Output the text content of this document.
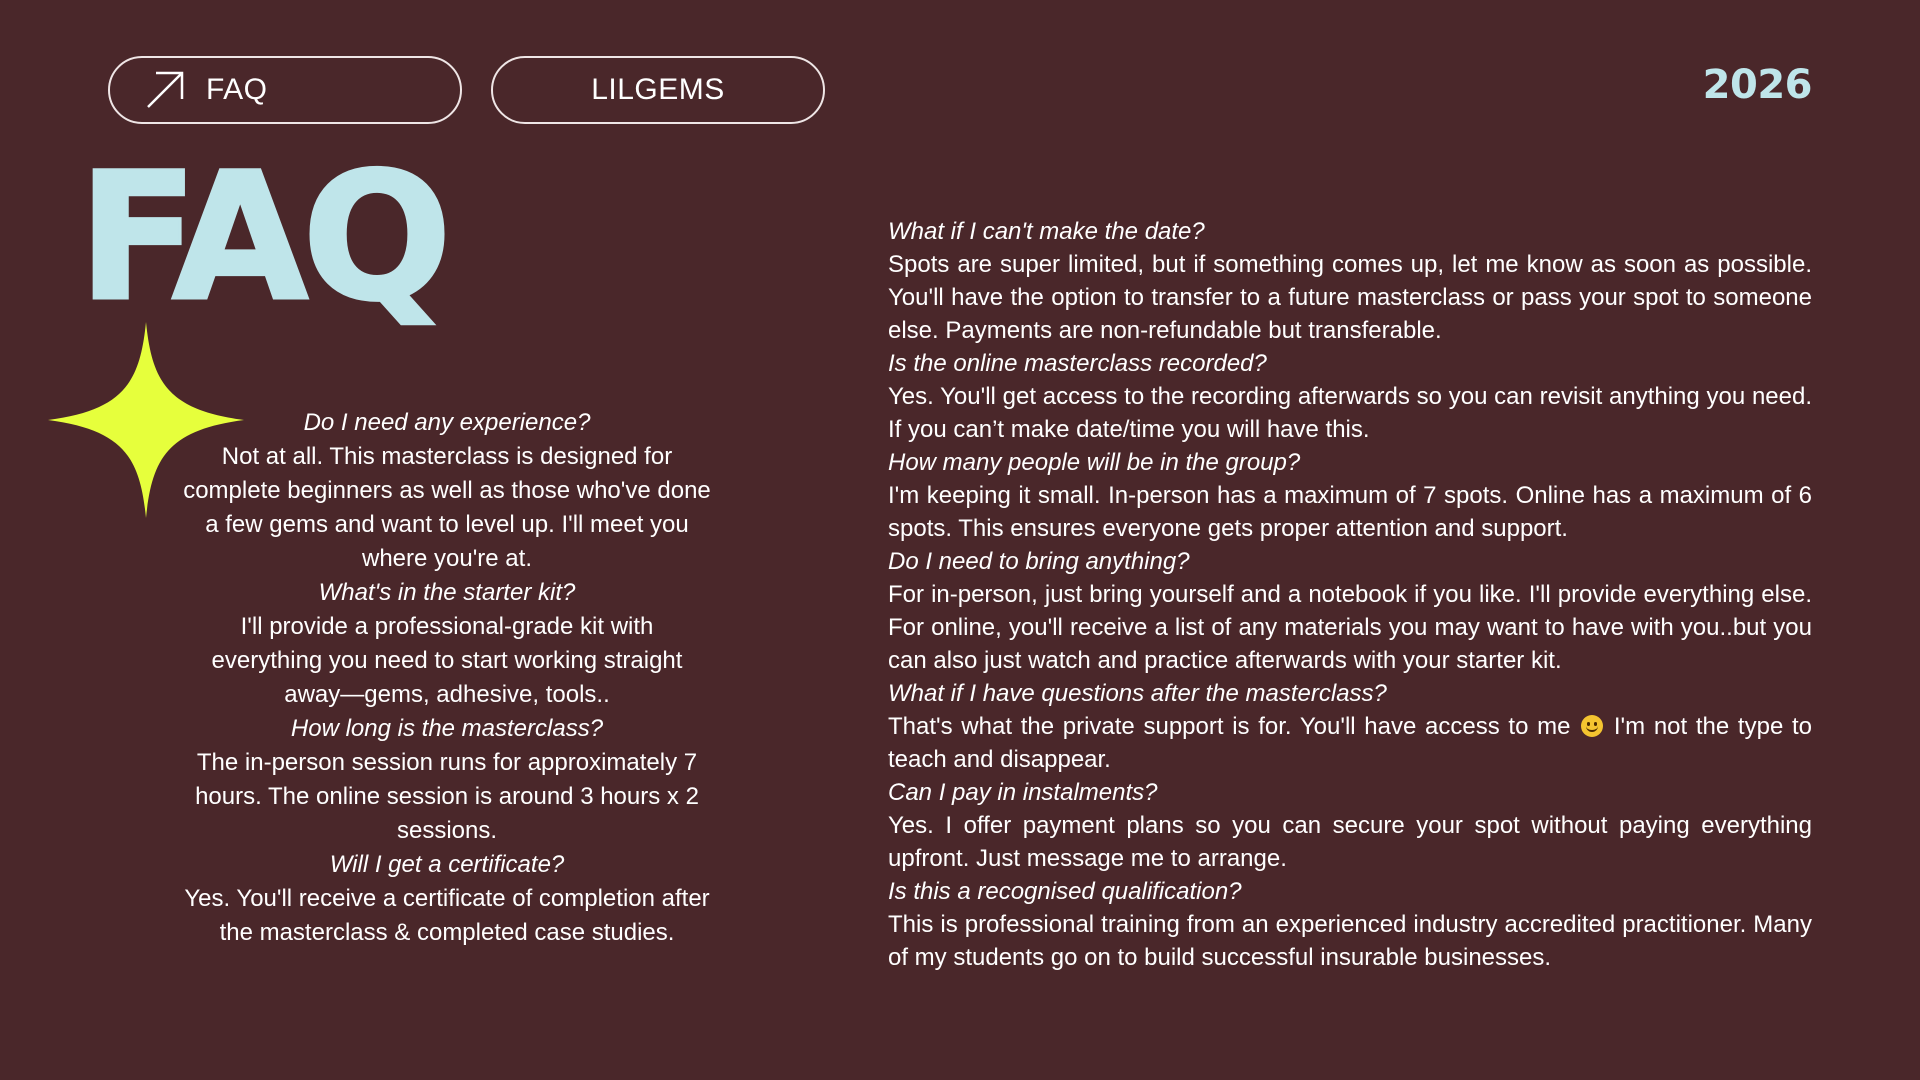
FAQ	LILGEMS	2026
FAQ

Do I need any experience?

Not at all. This masterclass is designed for complete beginners as well as those who've done a few gems and want to level up. I'll meet you where you're at.

What's in the starter kit?

I'll provide a professional-grade kit with everything you need to start working straight away—gems, adhesive, tools..

How long is the masterclass?

The in-person session runs for approximately 7 hours. The online session is around 3 hours x 2 sessions.

Will I get a certificate?

Yes. You'll receive a certificate of completion after the masterclass & completed case studies.

What if I can't make the date?

Spots are super limited, but if something comes up, let me know as soon as possible. You'll have the option to transfer to a future masterclass or pass your spot to someone else. Payments are non-refundable but transferable.

Is the online masterclass recorded?

Yes. You'll get access to the recording afterwards so you can revisit anything you need. If you can’t make date/time you will have this.

How many people will be in the group?

I'm keeping it small. In-person has a maximum of 7 spots. Online has a maximum of 6 spots. This ensures everyone gets proper attention and support.

Do I need to bring anything?

For in-person, just bring yourself and a notebook if you like. I'll provide everything else. For online, you'll receive a list of any materials you may want to have with you..but you can also just watch and practice afterwards with your starter kit.

What if I have questions after the masterclass?

That's what the private support is for. You'll have access to me
I'm not the type to teach and disappear.

Can I pay in instalments?

Yes. I offer payment plans so you can secure your spot without paying everything upfront. Just message me to arrange.

Is this a recognised qualification?

This is professional training from an experienced industry accredited practitioner. Many of my students go on to build successful insurable businesses.
